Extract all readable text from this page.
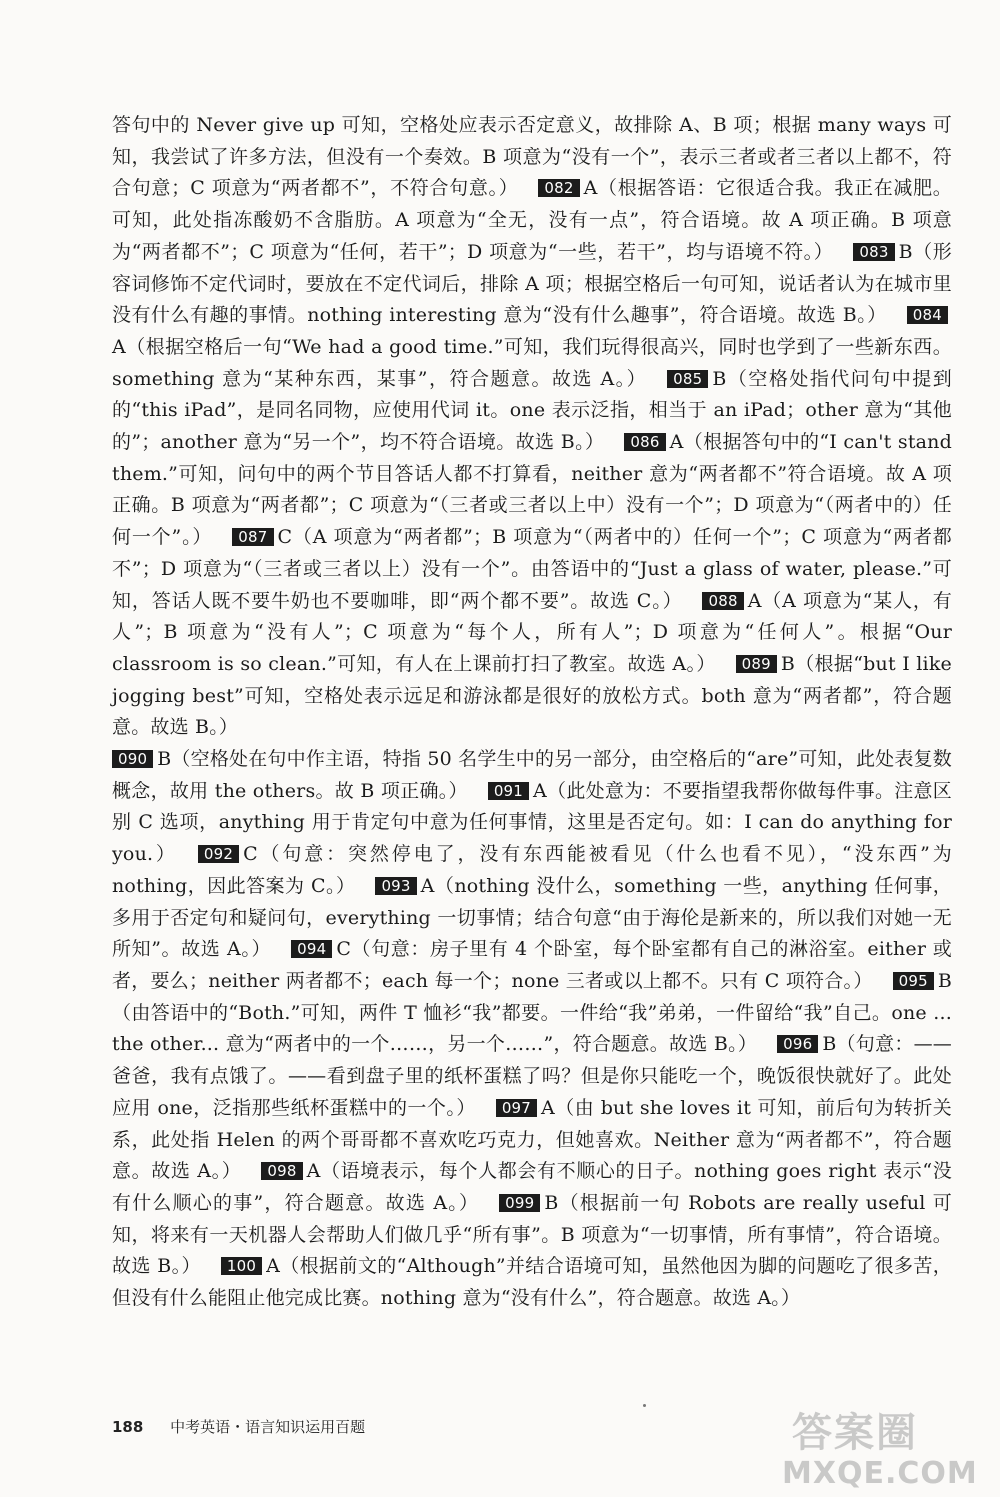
答句中的 Never give up 可知，空格处应表示否定意义，故排除 A、B 项；根据 many ways 可知，我尝试了许多方法，但没有一个奏效。B 项意为“没有一个”，表示三者或者三者以上都不，符合句意；C 项意为“两者都不”，不符合句意。） 082 A（根据答语：它很适合我。我正在减肥。可知，此处指冻酸奶不含脂肪。A 项意为“全无，没有一点”，符合语境。故 A 项正确。B 项意为“两者都不”；C 项意为“任何，若干”；D 项意为“一些，若干”，均与语境不符。） 083 B（形容词修饰不定代词时，要放在不定代词后，排除 A 项；根据空格后一句可知，说话者认为在城市里没有什么有趣的事情。nothing interesting 意为“没有什么趣事”，符合语境。故选 B。） 084A（根据空格后一句“We had a good time.”可知，我们玩得很高兴，同时也学到了一些新东西。something 意为“某种东西，某事”，符合题意。故选 A。） 085 B（空格处指代问句中提到的“this iPad”，是同名同物，应使用代词 it。one 表示泛指，相当于 an iPad；other 意为“其他的”；another 意为“另一个”，均不符合语境。故选 B。） 086 A（根据答句中的“I can't stand them.”可知，问句中的两个节目答话人都不打算看，neither 意为“两者都不”符合语境。故 A 项正确。B 项意为“两者都”；C 项意为“（三者或三者以上中）没有一个”；D 项意为“（两者中的）任何一个”。） 087 C（A 项意为“两者都”；B 项意为“（两者中的）任何一个”；C 项意为“两者都不”；D 项意为“（三者或三者以上）没有一个”。由答语中的“Just a glass of water, please.”可知，答话人既不要牛奶也不要咖啡，即“两个都不要”。故选 C。） 088 A（A 项意为“某人，有人”；B 项意为“没有人”；C 项意为“每个人，所有人”；D 项意为“任何人”。根据“Our classroom is so clean.”可知，有人在上课前打扫了教室。故选 A。） 089 B（根据“but I like jogging best”可知，空格处表示远足和游泳都是很好的放松方式。both 意为“两者都”，符合题意。故选 B。）
090 B（空格处在句中作主语，特指 50 名学生中的另一部分，由空格后的“are”可知，此处表复数概念，故用 the others。故 B 项正确。） 091 A（此处意为：不要指望我帮你做每件事。注意区别 C 选项，anything 用于肯定句中意为任何事情，这里是否定句。如：I can do anything for you.） 092 C（句意：突然停电了，没有东西能被看见（什么也看不见），“没东西”为 nothing，因此答案为 C。） 093 A（nothing 没什么，something 一些，anything 任何事，多用于否定句和疑问句，everything 一切事情；结合句意“由于海伦是新来的，所以我们对她一无所知”。故选 A。） 094 C（句意：房子里有 4 个卧室，每个卧室都有自己的淋浴室。either 或者，要么；neither 两者都不；each 每一个；none 三者或以上都不。只有 C 项符合。） 095 B（由答语中的“Both.”可知，两件 T 恤衫“我”都要。一件给“我”弟弟，一件留给“我”自己。one ... the other... 意为“两者中的一个……，另一个……”，符合题意。故选 B。） 096 B（句意：——爸爸，我有点饿了。——看到盘子里的纸杯蛋糕了吗？但是你只能吃一个，晚饭很快就好了。此处应用 one，泛指那些纸杯蛋糕中的一个。） 097 A（由 but she loves it 可知，前后句为转折关系，此处指 Helen 的两个哥哥都不喜欢吃巧克力，但她喜欢。Neither 意为“两者都不”，符合题意。故选 A。） 098 A（语境表示，每个人都会有不顺心的日子。nothing goes right 表示“没有什么顺心的事”，符合题意。故选 A。） 099 B（根据前一句 Robots are really useful 可知，将来有一天机器人会帮助人们做几乎“所有事”。B 项意为“一切事情，所有事情”，符合语境。故选 B。） 100 A（根据前文的“Although”并结合语境可知，虽然他因为脚的问题吃了很多苦，但没有什么能阻止他完成比赛。nothing 意为“没有什么”，符合题意。故选 A。）

188 中考英语・语言知识运用百题	答案圈
MXQE.COM
